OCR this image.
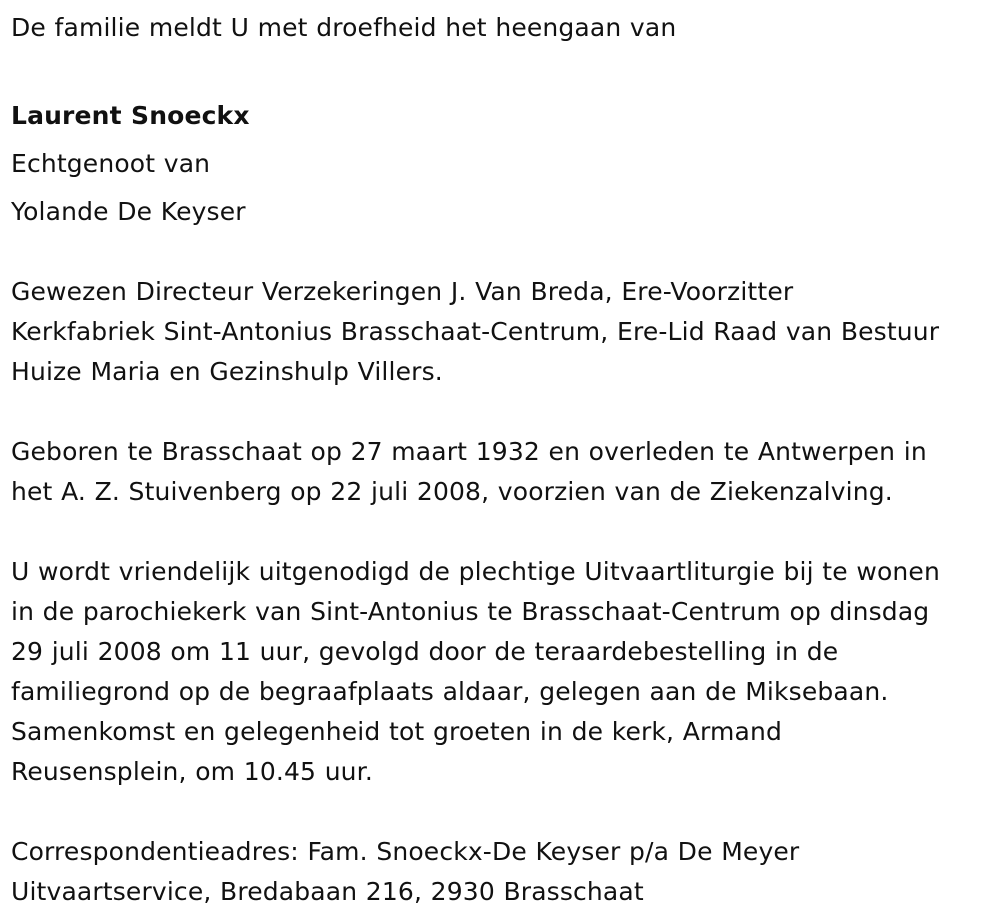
De familie meldt U met droefheid het heengaan van
Laurent Snoeckx
Echtgenoot van
Yolande De Keyser
Gewezen Directeur Verzekeringen J. Van Breda, Ere-Voorzitter
Kerkfabriek Sint-Antonius Brasschaat-Centrum, Ere-Lid Raad van Bestuur
Huize Maria en Gezinshulp Villers.
Geboren te Brasschaat op 27 maart 1932 en overleden te Antwerpen in
het A. Z. Stuivenberg op 22 juli 2008, voorzien van de Ziekenzalving.
U wordt vriendelijk uitgenodigd de plechtige Uitvaartliturgie bij te wonen
in de parochiekerk van Sint-Antonius te Brasschaat-Centrum op dinsdag
29 juli 2008 om 11 uur, gevolgd door de teraardebestelling in de
familiegrond op de begraafplaats aldaar, gelegen aan de Miksebaan.
Samenkomst en gelegenheid tot groeten in de kerk, Armand
Reusensplein, om 10.45 uur.
Correspondentieadres: Fam. Snoeckx-De Keyser p/a De Meyer
Uitvaartservice, Bredabaan 216, 2930 Brasschaat
